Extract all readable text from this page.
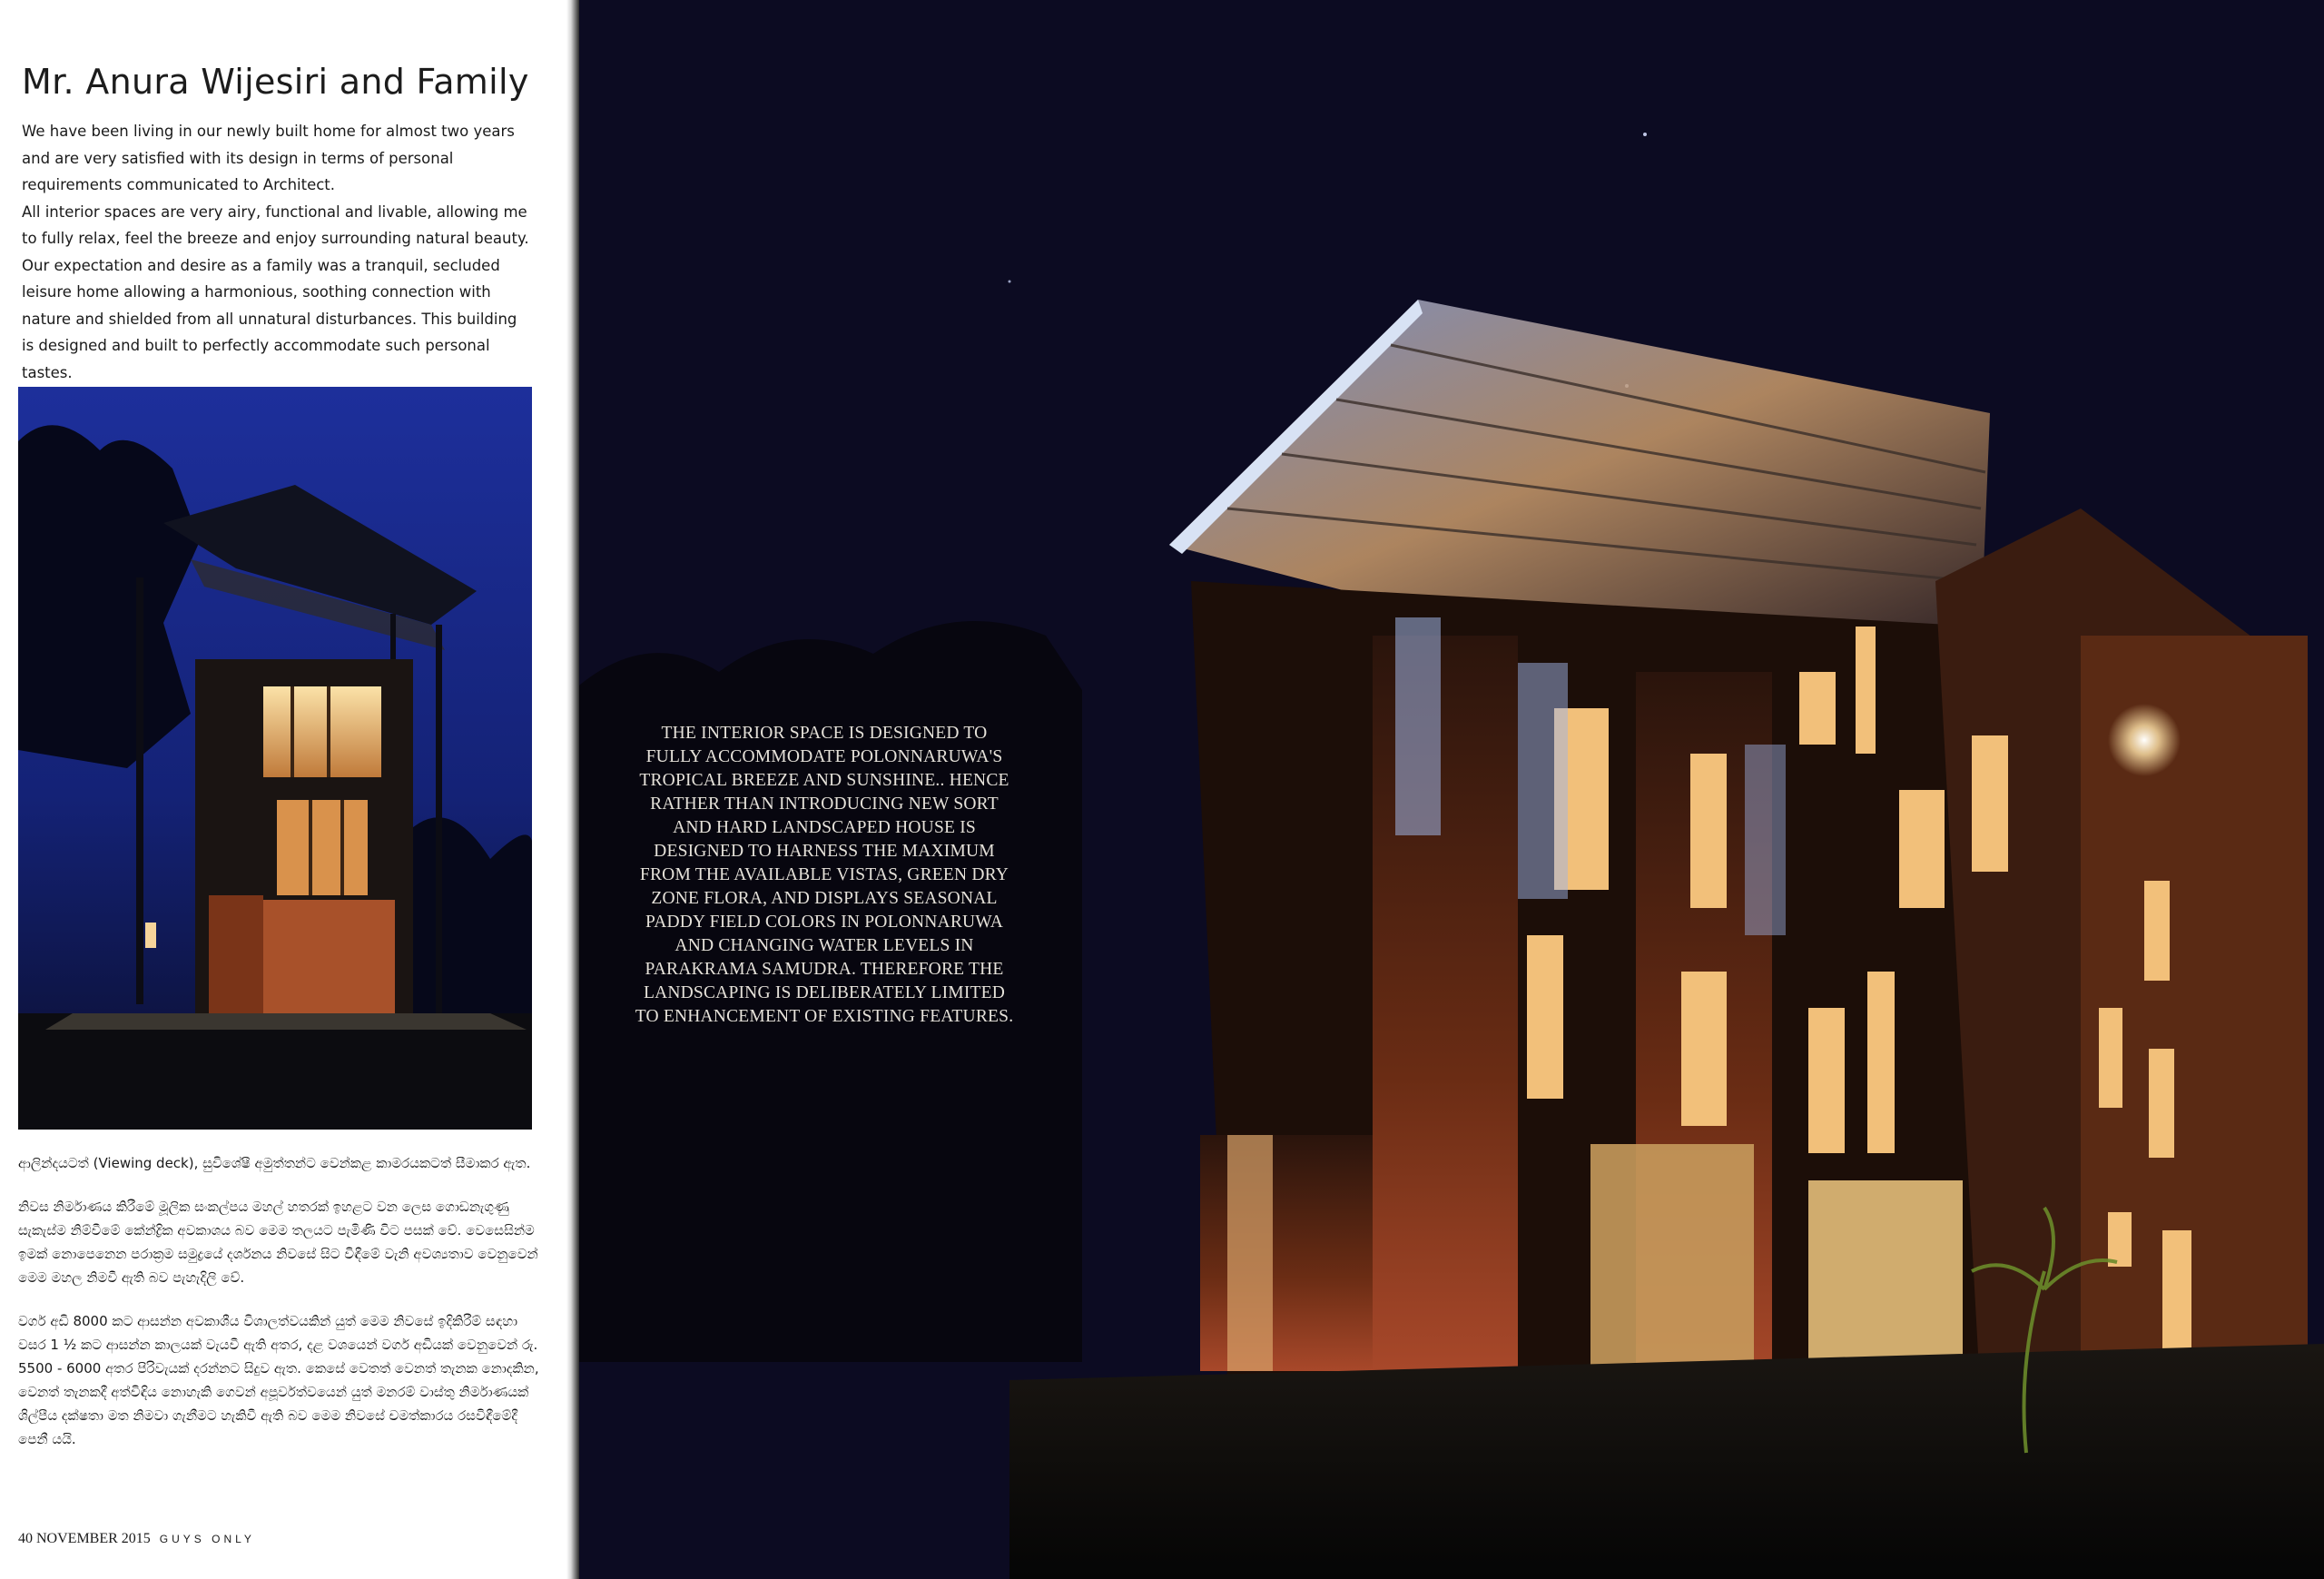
Mr. Anura Wijesiri and Family

We have been living in our newly built home for almost two years and are very satisfied with its design in terms of personal requirements communicated to Architect.

All interior spaces are very airy, functional and livable, allowing me to fully relax, feel the breeze and enjoy surrounding natural beauty.

Our expectation and desire as a family was a tranquil, secluded leisure home allowing a harmonious, soothing connection with nature and shielded from all unnatural disturbances. This building is designed and built to perfectly accommodate such personal tastes.

ආලින්දයටත් (Viewing deck), සුවිශේෂී අමුත්තන්ට වෙන්කළ කාමරයකටත් සීමාකර ඇත.

නිවස නිර්මාණය කිරීමේ මූලික සංකල්පය මහල් හතරක් ඉහළට වන ලෙස ගොඩනැගුණු සැකැස්ම නිම්වීමේ කේන්ද්‍රික අවකාශය බව මෙම තලයට පැමිණි විට පසක් වේ. වෙසෙසින්ම ඉමක් නොපෙනෙන පරාක්‍රම සමුද්‍රයේ දර්ශනය නිවසේ සිට විඳීමේ වැනි අවශ්‍යතාව වෙනුවෙන් මෙම මහල නිමවී ඇති බව පැහැදිලි වේ.

වර්ග අඩි 8000 කට ආසන්න අවකාශීය විශාලත්වයකින් යුත් මෙම නිවසේ ඉදිකිරීම් සඳහා වසර 1 ½ කට ආසන්න කාලයක් වැයවී ඇති අතර, දළ වශයෙන් වර්ග අඩියක් වෙනුවෙන් රු. 5500 - 6000 අතර පිරිවැයක් දරන්නට සිදුව ඇත. කෙසේ වෙතත් වෙනත් තැනක නොදකින, වෙනත් තැනකදී අත්විඳිය නොහැකි ගෙවන් අපූර්වත්වයෙන් යුත් මනරම් වාස්තු නිර්මාණයක් ශිල්පීය දක්ෂතා මත නිමවා ගැනීමට හැකිවී ඇති බව මෙම නිවසේ චමත්කාරය රසවිඳීමේදී පෙනී යයි.

40 NOVEMBER 2015 GUYS ONLY

THE INTERIOR SPACE IS DESIGNED TO FULLY ACCOMMODATE POLONNARUWA'S TROPICAL BREEZE AND SUNSHINE.. HENCE RATHER THAN INTRODUCING NEW SORT AND HARD LANDSCAPED HOUSE IS DESIGNED TO HARNESS THE MAXIMUM FROM THE AVAILABLE VISTAS, GREEN DRY ZONE FLORA, AND DISPLAYS SEASONAL PADDY FIELD COLORS IN POLONNARUWA AND CHANGING WATER LEVELS IN PARAKRAMA SAMUDRA. THEREFORE THE LANDSCAPING IS DELIBERATELY LIMITED TO ENHANCEMENT OF EXISTING FEATURES.
